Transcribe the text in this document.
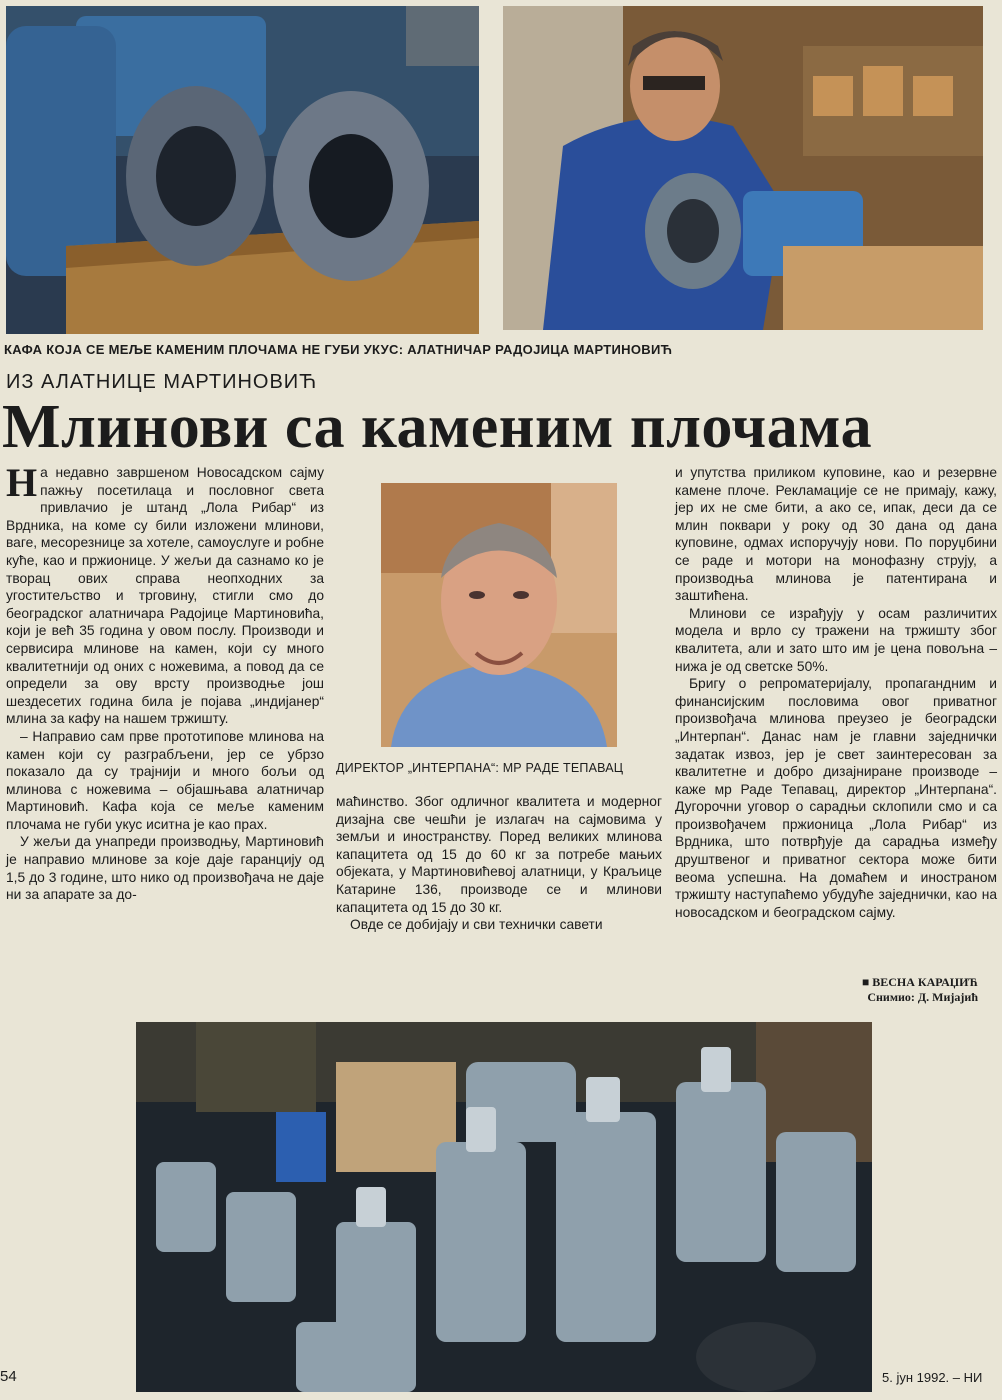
КАФА КОЈА СЕ МЕЉЕ КАМЕНИМ ПЛОЧАМА НЕ ГУБИ УКУС: АЛАТНИЧАР РАДОЈИЦА МАРТИНОВИЋ
ИЗ АЛАТНИЦЕ МАРТИНОВИЋ
Млинови са каменим плочама

На недавно завршеном Новосадском сајму пажњу посетилаца и пословног света привлачио је штанд „Лола Рибар“ из Врдника, на коме су били изложени млинови, ваге, месорезнице за хотеле, самоуслуге и робне куће, као и пржионице. У жељи да сазнамо ко је творац ових справа неопходних за угоститељство и трговину, стигли смо до београдског алатничара Радојице Мартиновића, који је већ 35 година у овом послу. Производи и сервисира млинове на камен, који су много квалитетнији од оних с ножевима, а повод да се определи за ову врсту производње још шездесетих година била је појава „индијанер“ млина за кафу на нашем тржишту.

– Направио сам прве прототипове млинова на камен који су разграбљени, јер се убрзо показало да су трајнији и много бољи од млинова с ножевима – објашњава алатничар Мартиновић. Кафа која се меље каменим плочама не губи укус иситна је као прах.

У жељи да унапреди производњу, Мартиновић је направио млинове за које даје гаранцију од 1,5 до 3 године, што нико од произвођача не даје ни за апарате за до-

ДИРЕКТОР „ИНТЕРПАНА“: МР РАДЕ ТЕПАВАЦ

маћинство. Због одличног квалитета и модерног дизајна све чешћи је излагач на сајмовима у земљи и иностранству. Поред великих млинова капацитета од 15 до 60 кг за потребе мањих објеката, у Мартиновићевој алатници, у Краљице Катарине 136, производе се и млинови капацитета од 15 до 30 кг.

Овде се добијају и сви технички савети

и упутства приликом куповине, као и резервне камене плоче. Рекламације се не примају, кажу, јер их не сме бити, а ако се, ипак, деси да се млин поквари у року од 30 дана од дана куповине, одмах испоручују нови. По поруџбини се раде и мотори на монофазну струју, а производња млинова је патентирана и заштићена.

Млинови се израђују у осам различитих модела и врло су тражени на тржишту због квалитета, али и зато што им је цена повољна – нижа је од светске 50%.

Бригу о репроматеријалу, пропагандним и финансијским пословима овог приватног произвођача млинова преузео је београдски „Интерпан“. Данас нам је главни заједнички задатак извоз, јер је свет заинтересован за квалитетне и добро дизајниране производе – каже мр Раде Тепавац, директор „Интерпана“. Дугорочни уговор о сарадњи склопили смо и са произвођачем пржионица „Лола Рибар“ из Врдника, што потврђује да сарадња између друштвеног и приватног сектора може бити веома успешна. На домаћем и иностраном тржишту наступаћемо убудуће заједнички, као на новосадском и београдском сајму.

■ ВЕСНА КАРАЏИЋ
Снимио: Д. Мијајић
54	5. јун 1992. – НИ
